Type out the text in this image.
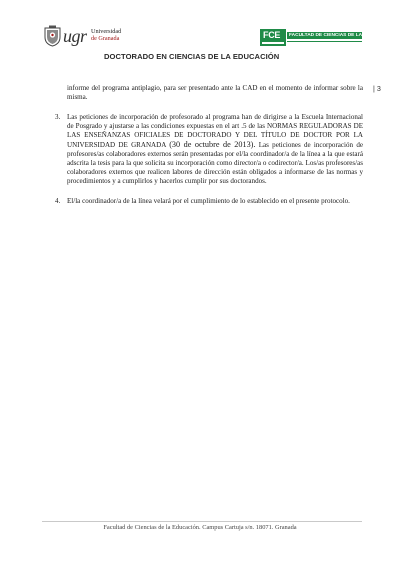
ugr Universidad
de Granada	FCE FACULTAD DE CIENCIAS DE LA EDUCACIÓN
DOCTORADO EN CIENCIAS DE LA EDUCACIÓN
| 3

informe del programa antiplagio, para ser presentado ante la CAD en el momento de informar sobre la misma.

3. Las peticiones de incorporación de profesorado al programa han de dirigirse a la Escuela Internacional de Posgrado y ajustarse a las condiciones expuestas en el art .5 de las NORMAS REGULADORAS DE LAS ENSEÑANZAS OFICIALES DE DOCTORADO Y DEL TÍTULO DE DOCTOR POR LA UNIVERSIDAD DE GRANADA (30 de octubre de 2013). Las peticiones de incorporación de profesores/as colaboradores externos serán presentadas por el/la coordinador/a de la línea a la que estará adscrita la tesis para la que solicita su incorporación como director/a o codirector/a. Los/as profesores/as colaboradores externos que realicen labores de dirección están obligados a informarse de las normas y procedimientos y a cumplirlos y hacerlos cumplir por sus doctorandos.

4. El/la coordinador/a de la línea velará por el cumplimiento de lo establecido en el presente protocolo.

Facultad de Ciencias de la Educación. Campus Cartuja s/n. 18071. Granada
